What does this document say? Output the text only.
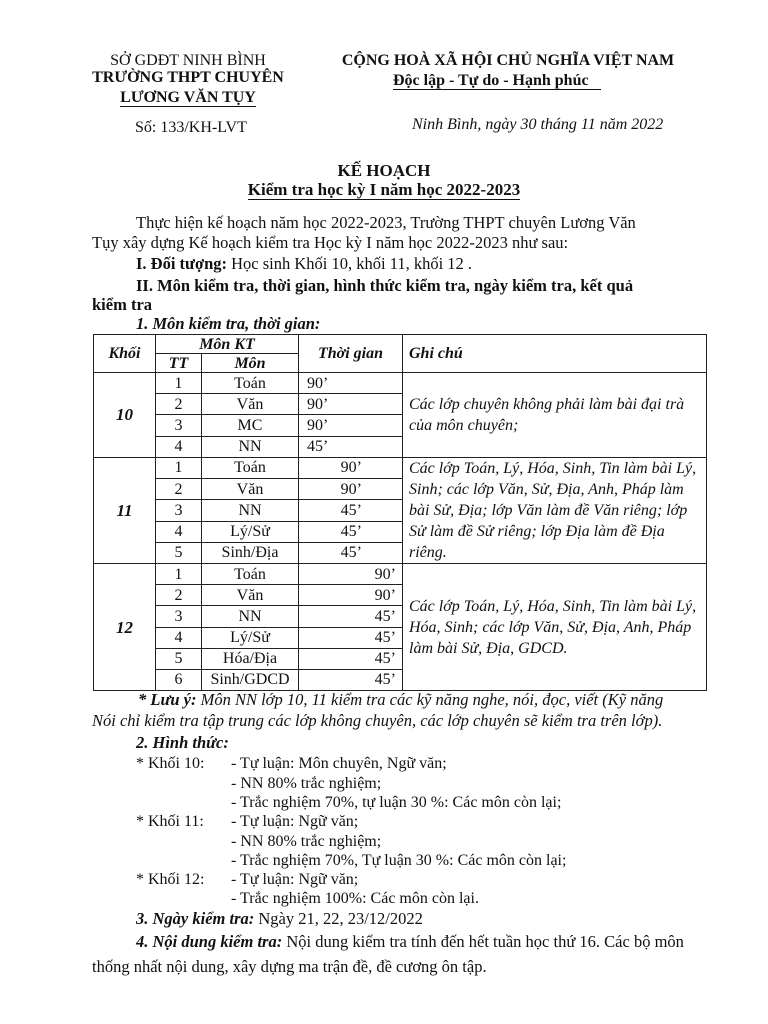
SỞ GDĐT NINH BÌNH
TRƯỜNG THPT CHUYÊN
LƯƠNG VĂN TỤY
Số: 133/KH-LVT
CỘNG HOÀ XÃ HỘI CHỦ NGHĨA VIỆT NAM
Độc lập - Tự do - Hạnh phúc
Ninh Bình, ngày 30 tháng 11 năm 2022
KẾ HOẠCH
Kiểm tra học kỳ I năm học 2022-2023
Thực hiện kế hoạch năm học 2022-2023, Trường THPT chuyên Lương Văn
Tụy xây dựng Kế hoạch kiểm tra Học kỳ I năm học 2022-2023 như sau:
I. Đối tượng: Học sinh Khối 10, khối 11, khối 12 .
II. Môn kiểm tra, thời gian, hình thức kiểm tra, ngày kiểm tra, kết quả
kiểm tra
1. Môn kiểm tra, thời gian:
Khối	Môn KT		Thời gian	Ghi chú
	TT	Môn		
10	1	Toán	90’	Các lớp chuyên không phải làm bài đại trà của môn chuyên;
	2	Văn	90’	
	3	MC	90’	
	4	NN	45’	
11	1	Toán	90’	Các lớp Toán, Lý, Hóa, Sinh, Tin làm bài Lý, Sinh; các lớp Văn, Sử, Địa, Anh, Pháp làm bài Sử, Địa; lớp Văn làm đề Văn riêng; lớp Sử làm đề Sử riêng; lớp Địa làm đề Địa riêng.
	2	Văn	90’	
	3	NN	45’	
	4	Lý/Sử	45’	
	5	Sinh/Địa	45’	
12	1	Toán	90’	Các lớp Toán, Lý, Hóa, Sinh, Tin làm bài Lý, Hóa, Sinh; các lớp Văn, Sử, Địa, Anh, Pháp làm bài Sử, Địa, GDCD.
	2	Văn	90’	
	3	NN	45’	
	4	Lý/Sử	45’	
	5	Hóa/Địa	45’	
	6	Sinh/GDCD	45’	
* Lưu ý: Môn NN lớp 10, 11 kiểm tra các kỹ năng nghe, nói, đọc, viết (Kỹ năng
Nói chỉ kiểm tra tập trung các lớp không chuyên, các lớp chuyên sẽ kiểm tra trên lớp).
2. Hình thức:
* Khối 10: - Tự luận: Môn chuyên, Ngữ văn;
- NN 80% trắc nghiệm;
- Trắc nghiệm 70%, tự luận 30 %: Các môn còn lại;
* Khối 11: - Tự luận: Ngữ văn;
- NN 80% trắc nghiệm;
- Trắc nghiệm 70%, Tự luận 30 %: Các môn còn lại;
* Khối 12: - Tự luận: Ngữ văn;
- Trắc nghiệm 100%: Các môn còn lại.
3. Ngày kiểm tra: Ngày 21, 22, 23/12/2022
4. Nội dung kiểm tra: Nội dung kiểm tra tính đến hết tuần học thứ 16. Các bộ môn
thống nhất nội dung, xây dựng ma trận đề, đề cương ôn tập.
